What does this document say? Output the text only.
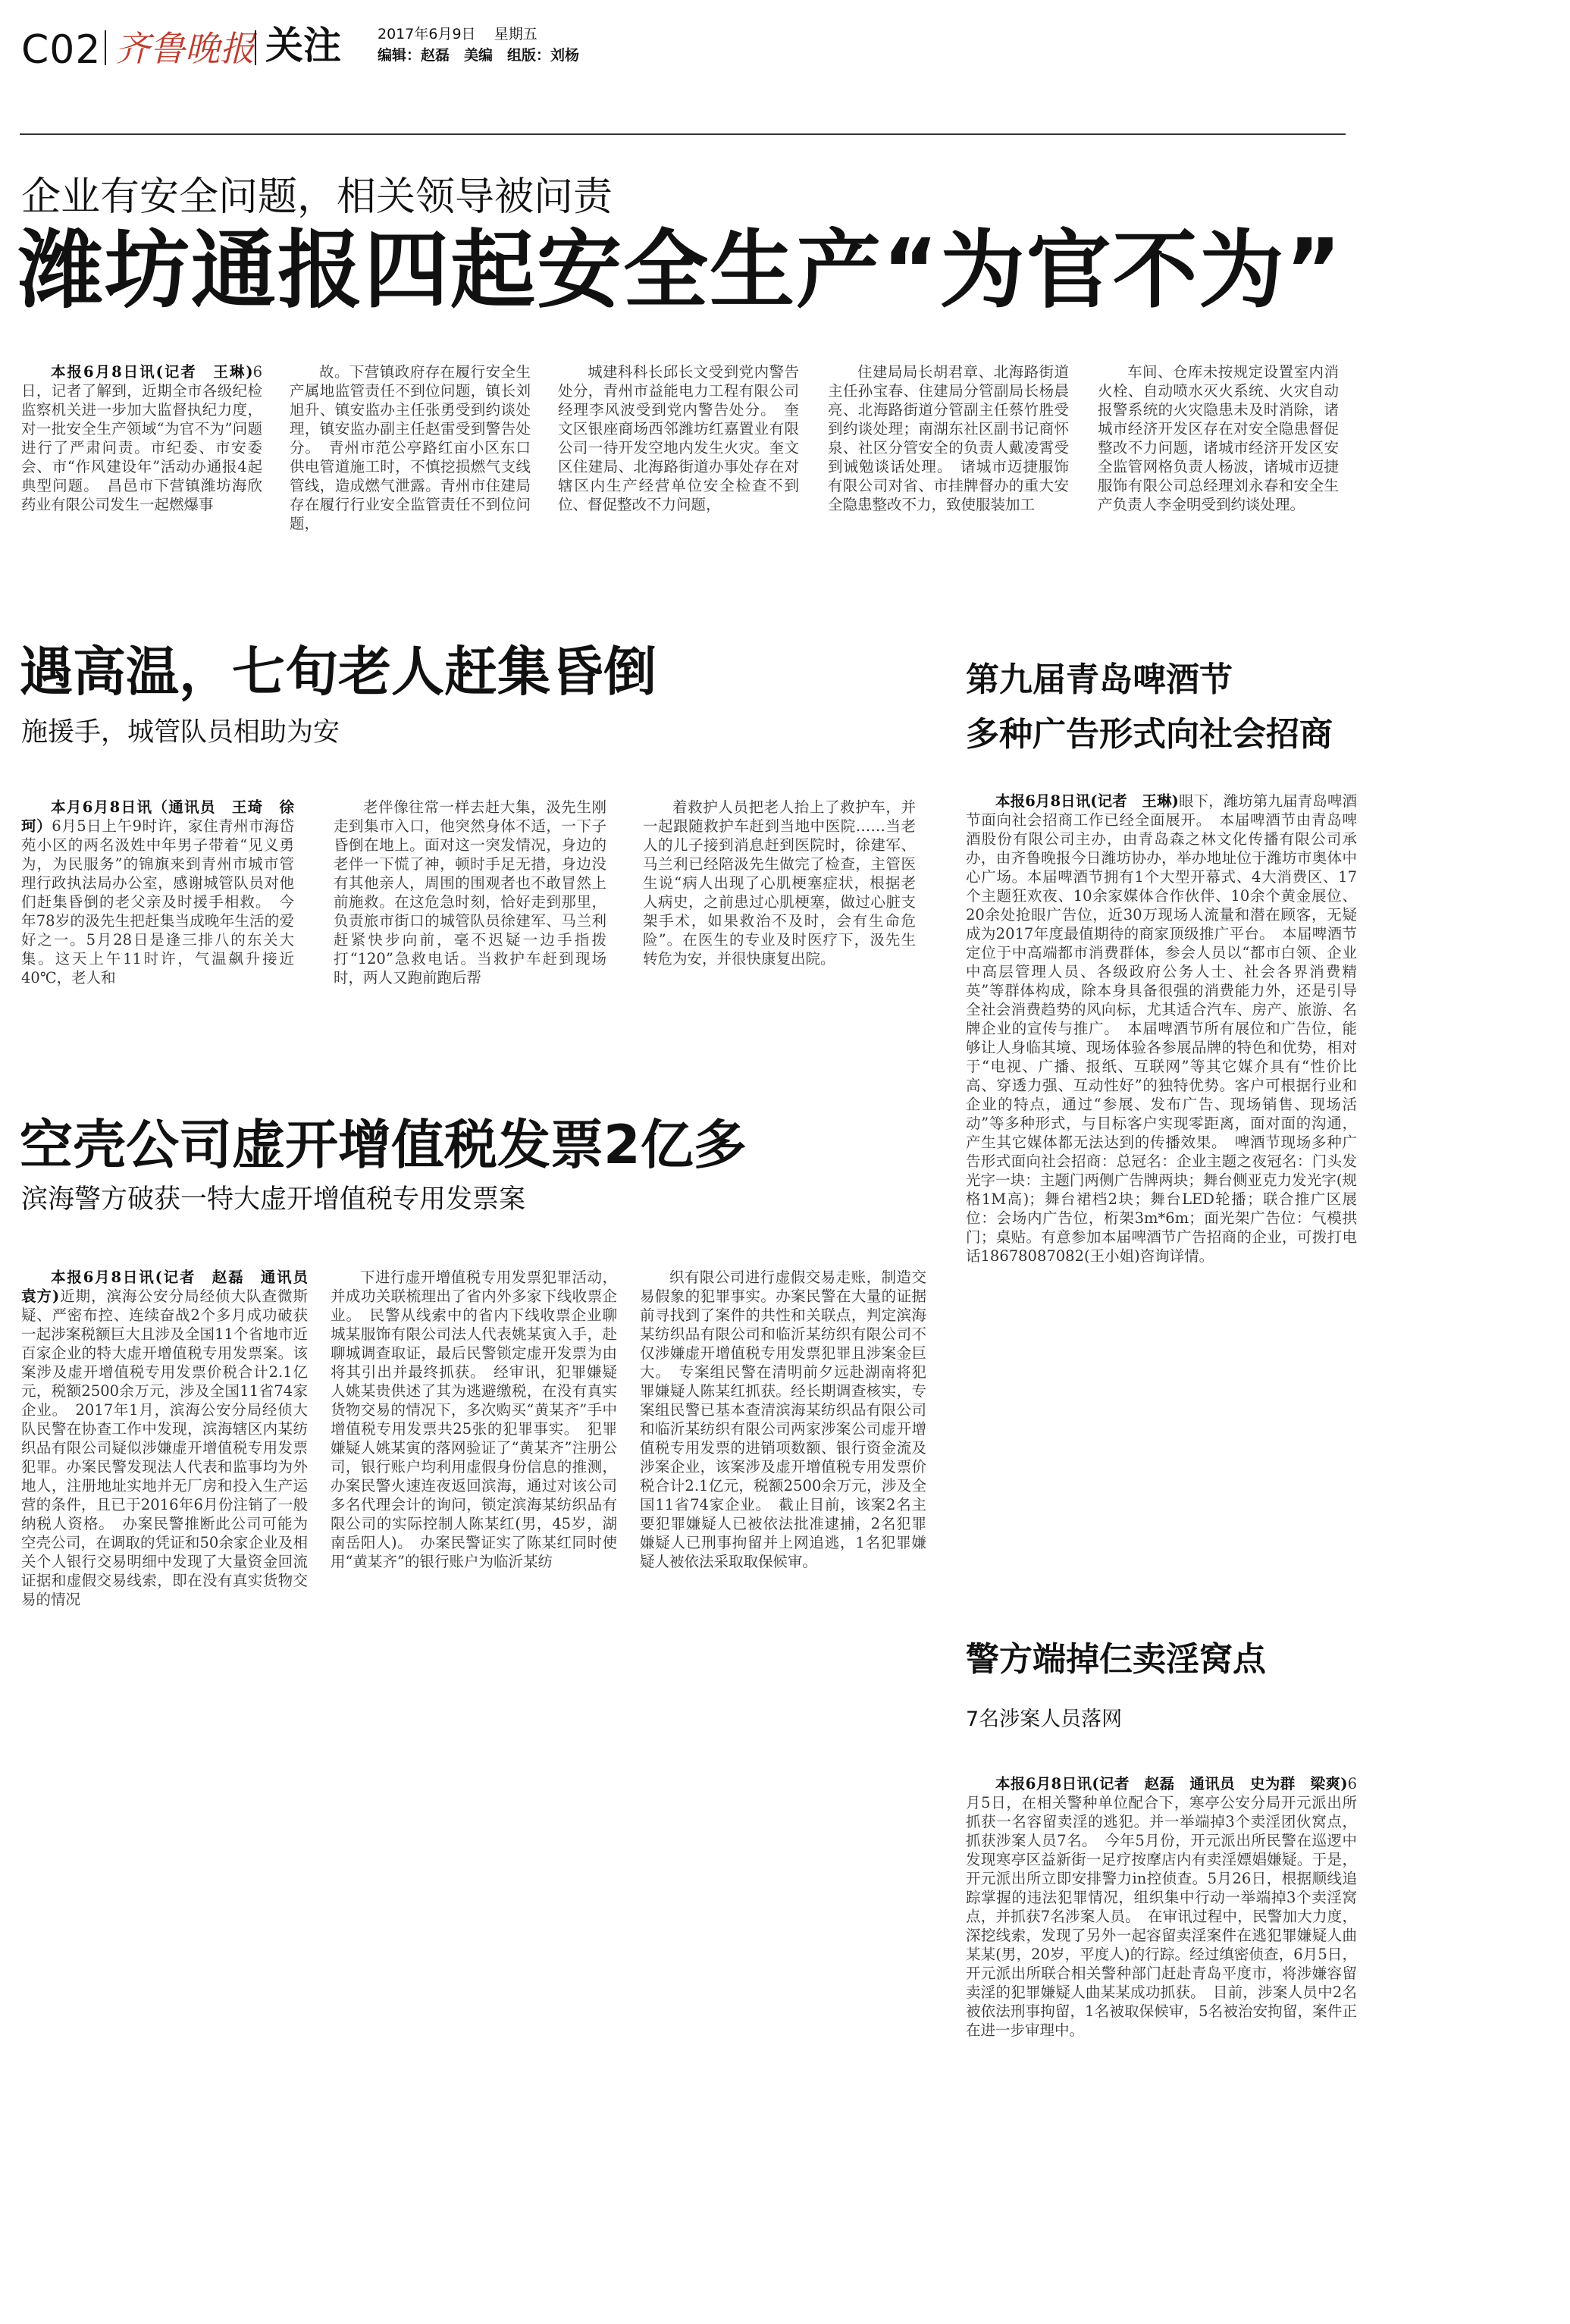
C02 齐鲁晚报 关注	2017年6月9日 星期五
编辑：赵磊　美编　组版：刘杨
企业有安全问题，相关领导被问责
潍坊通报四起安全生产“为官不为”

本报6月8日讯(记者　王琳)6日，记者了解到，近期全市各级纪检监察机关进一步加大监督执纪力度，对一批安全生产领域“为官不为”问题进行了严肃问责。市纪委、市安委会、市“作风建设年”活动办通报4起典型问题。　昌邑市下营镇潍坊海欣药业有限公司发生一起燃爆事

故。下营镇政府存在履行安全生产属地监管责任不到位问题，镇长刘旭升、镇安监办主任张勇受到约谈处理，镇安监办副主任赵雷受到警告处分。　青州市范公亭路红亩小区东口供电管道施工时，不慎挖损燃气支线管线，造成燃气泄露。青州市住建局存在履行行业安全监管责任不到位问题，

城建科科长邱长文受到党内警告处分，青州市益能电力工程有限公司经理李风波受到党内警告处分。　奎文区银座商场西邻潍坊红嘉置业有限公司一待开发空地内发生火灾。奎文区住建局、北海路街道办事处存在对辖区内生产经营单位安全检查不到位、督促整改不力问题，

住建局局长胡君章、北海路街道主任孙宝春、住建局分管副局长杨晨亮、北海路街道分管副主任蔡竹胜受到约谈处理；南湖东社区副书记商怀泉、社区分管安全的负责人戴凌霄受到诫勉谈话处理。　诸城市迈捷服饰有限公司对省、市挂牌督办的重大安全隐患整改不力，致使服装加工

车间、仓库未按规定设置室内消火栓、自动喷水灭火系统、火灾自动报警系统的火灾隐患未及时消除，诸城市经济开发区存在对安全隐患督促整改不力问题，诸城市经济开发区安全监管网格负责人杨波，诸城市迈捷服饰有限公司总经理刘永春和安全生产负责人李金明受到约谈处理。

遇高温，七旬老人赶集昏倒
施援手，城管队员相助为安

本月6月8日讯（通讯员　王琦　徐珂）6月5日上午9时许，家住青州市海岱苑小区的两名汲姓中年男子带着“见义勇为，为民服务”的锦旗来到青州市城市管理行政执法局办公室，感谢城管队员对他们赶集昏倒的老父亲及时援手相救。　今年78岁的汲先生把赶集当成晚年生活的爱好之一。5月28日是逢三排八的东关大集。这天上午11时许，气温飙升接近40℃，老人和

老伴像往常一样去赶大集，汲先生刚走到集市入口，他突然身体不适，一下子昏倒在地上。面对这一突发情况，身边的老伴一下慌了神，顿时手足无措，身边没有其他亲人，周围的围观者也不敢冒然上前施救。在这危急时刻，恰好走到那里，负责旅市街口的城管队员徐建军、马兰利赶紧快步向前，毫不迟疑一边手指拨打“120”急救电话。当救护车赶到现场时，两人又跑前跑后帮

着救护人员把老人抬上了救护车，并一起跟随救护车赶到当地中医院……当老人的儿子接到消息赶到医院时，徐建军、马兰利已经陪汲先生做完了检查，主管医生说“病人出现了心肌梗塞症状，根据老人病史，之前患过心肌梗塞，做过心脏支架手术，如果救治不及时，会有生命危险”。在医生的专业及时医疗下，汲先生转危为安，并很快康复出院。

空壳公司虚开增值税发票2亿多
滨海警方破获一特大虚开增值税专用发票案

本报6月8日讯(记者　赵磊　通讯员　袁方)近期，滨海公安分局经侦大队查微斯疑、严密布控、连续奋战2个多月成功破获一起涉案税额巨大且涉及全国11个省地市近百家企业的特大虚开增值税专用发票案。该案涉及虚开增值税专用发票价税合计2.1亿元，税额2500余万元，涉及全国11省74家企业。　2017年1月，滨海公安分局经侦大队民警在协查工作中发现，滨海辖区内某纺织品有限公司疑似涉嫌虚开增值税专用发票犯罪。办案民警发现法人代表和监事均为外地人，注册地址实地并无厂房和投入生产运营的条件，且已于2016年6月份注销了一般纳税人资格。　办案民警推断此公司可能为空壳公司，在调取的凭证和50余家企业及相关个人银行交易明细中发现了大量资金回流证据和虚假交易线索，即在没有真实货物交易的情况

下进行虚开增值税专用发票犯罪活动，并成功关联梳理出了省内外多家下线收票企业。　民警从线索中的省内下线收票企业聊城某服饰有限公司法人代表姚某寅入手，赴聊城调查取证，最后民警锁定虚开发票为由将其引出并最终抓获。　经审讯，犯罪嫌疑人姚某贵供述了其为逃避缴税，在没有真实货物交易的情况下，多次购买“黄某齐”手中增值税专用发票共25张的犯罪事实。　犯罪嫌疑人姚某寅的落网验证了“黄某齐”注册公司，银行账户均利用虚假身份信息的推测，办案民警火速连夜返回滨海，通过对该公司多名代理会计的询问，锁定滨海某纺织品有限公司的实际控制人陈某红(男，45岁，湖南岳阳人)。　办案民警证实了陈某红同时使用“黄某齐”的银行账户为临沂某纺

织有限公司进行虚假交易走账，制造交易假象的犯罪事实。办案民警在大量的证据前寻找到了案件的共性和关联点，判定滨海某纺织品有限公司和临沂某纺织有限公司不仅涉嫌虚开增值税专用发票犯罪且涉案金巨大。　专案组民警在清明前夕远赴湖南将犯罪嫌疑人陈某红抓获。经长期调查核实，专案组民警已基本查清滨海某纺织品有限公司和临沂某纺织有限公司两家涉案公司虚开增值税专用发票的进销项数额、银行资金流及涉案企业，该案涉及虚开增值税专用发票价税合计2.1亿元，税额2500余万元，涉及全国11省74家企业。　截止目前，该案2名主要犯罪嫌疑人已被依法批准逮捕，2名犯罪嫌疑人已刑事拘留并上网追逃，1名犯罪嫌疑人被依法采取取保候审。

第九届青岛啤酒节
多种广告形式向社会招商

本报6月8日讯(记者　王琳)眼下，潍坊第九届青岛啤酒节面向社会招商工作已经全面展开。　本届啤酒节由青岛啤酒股份有限公司主办，由青岛森之林文化传播有限公司承办，由齐鲁晚报今日潍坊协办，举办地址位于潍坊市奥体中心广场。本届啤酒节拥有1个大型开幕式、4大消费区、17个主题狂欢夜、10余家媒体合作伙伴、10余个黄金展位、20余处抢眼广告位，近30万现场人流量和潜在顾客，无疑成为2017年度最值期待的商家顶级推广平台。　本届啤酒节定位于中高端都市消费群体，参会人员以“都市白领、企业中高层管理人员、各级政府公务人士、社会各界消费精英”等群体构成，除本身具备很强的消费能力外，还是引导全社会消费趋势的风向标，尤其适合汽车、房产、旅游、名牌企业的宣传与推广。　本届啤酒节所有展位和广告位，能够让人身临其境、现场体验各参展品牌的特色和优势，相对于“电视、广播、报纸、互联网”等其它媒介具有“性价比高、穿透力强、互动性好”的独特优势。客户可根据行业和企业的特点，通过“参展、发布广告、现场销售、现场活动”等多种形式，与目标客户实现零距离，面对面的沟通，产生其它媒体都无法达到的传播效果。　啤酒节现场多种广告形式面向社会招商：总冠名：企业主题之夜冠名：门头发光字一块：主题门两侧广告牌两块；舞台侧亚克力发光字(规格1M高)；舞台裙档2块；舞台LED轮播；联合推广区展位：会场内广告位，桁架3m*6m；面光架广告位：气模拱门；桌贴。有意参加本届啤酒节广告招商的企业，可拨打电话18678087082(王小姐)咨询详情。

警方端掉仨卖淫窝点
7名涉案人员落网

本报6月8日讯(记者　赵磊　通讯员　史为群　梁爽)6月5日，在相关警种单位配合下，寒亭公安分局开元派出所抓获一名容留卖淫的逃犯。并一举端掉3个卖淫团伙窝点，抓获涉案人员7名。　今年5月份，开元派出所民警在巡逻中发现寒亭区益新街一足疗按摩店内有卖淫嫖娼嫌疑。于是，开元派出所立即安排警力in控侦查。5月26日，根据顺线追踪掌握的违法犯罪情况，组织集中行动一举端掉3个卖淫窝点，并抓获7名涉案人员。　在审讯过程中，民警加大力度，深挖线索，发现了另外一起容留卖淫案件在逃犯罪嫌疑人曲某某(男，20岁，平度人)的行踪。经过缜密侦查，6月5日，开元派出所联合相关警种部门赶赴青岛平度市，将涉嫌容留卖淫的犯罪嫌疑人曲某某成功抓获。　目前，涉案人员中2名被依法刑事拘留，1名被取保候审，5名被治安拘留，案件正在进一步审理中。
